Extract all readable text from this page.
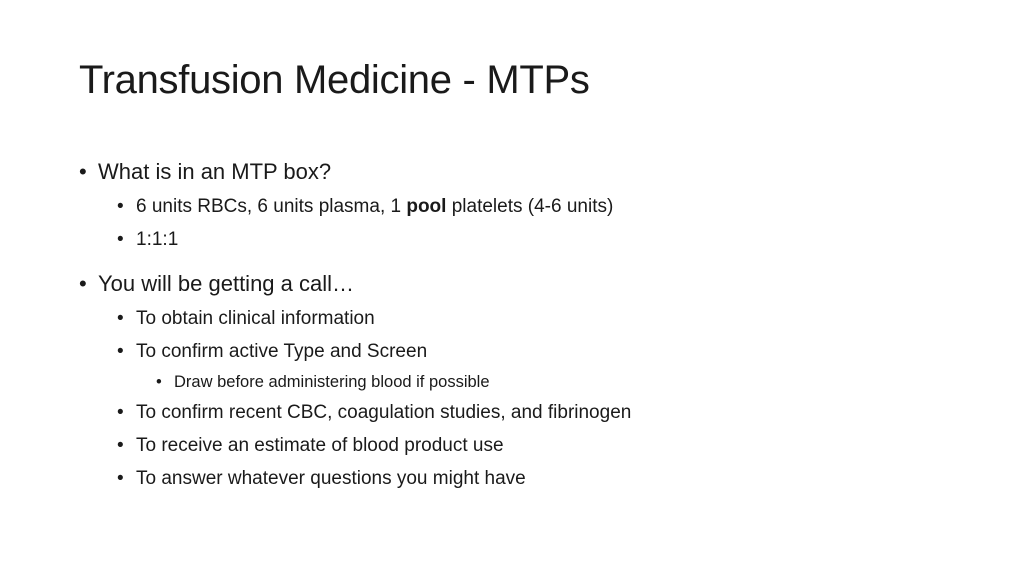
Transfusion Medicine - MTPs
• What is in an MTP box?
• 6 units RBCs, 6 units plasma, 1 pool platelets (4-6 units)
• 1:1:1
• You will be getting a call…
• To obtain clinical information
• To confirm active Type and Screen
• Draw before administering blood if possible
• To confirm recent CBC, coagulation studies, and fibrinogen
• To receive an estimate of blood product use
• To answer whatever questions you might have
